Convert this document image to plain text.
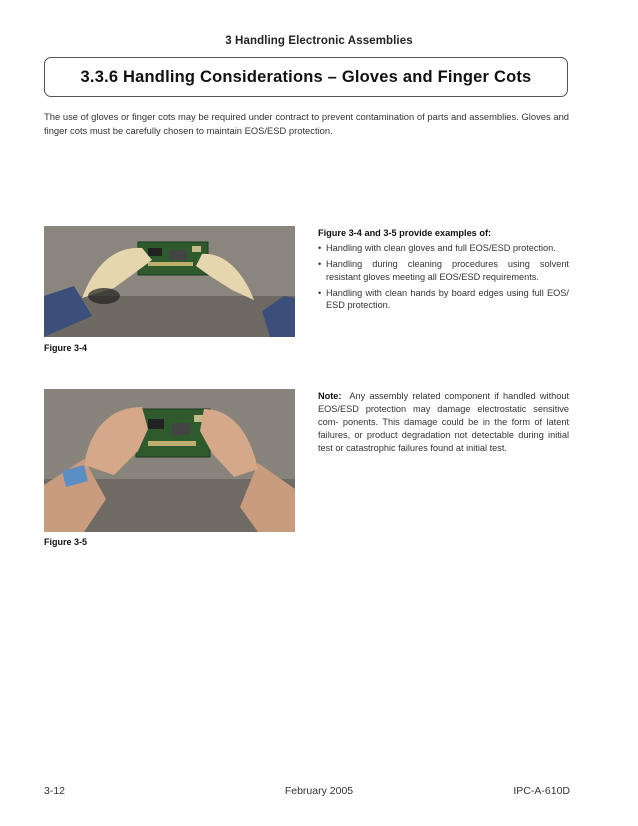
3 Handling Electronic Assemblies
3.3.6 Handling Considerations – Gloves and Finger Cots

The use of gloves or finger cots may be required under contract to prevent contamination of parts and assemblies. Gloves and finger cots must be carefully chosen to maintain EOS/ESD protection.

Figure 3-4
Figure 3-5
Figure 3-4 and 3-5 provide examples of:
• Handling with clean gloves and full EOS/ESD protection.
• Handling during cleaning procedures using solvent resistant gloves meeting all EOS/ESD requirements.
• Handling with clean hands by board edges using full EOS/ ESD protection.

Note: Any assembly related component if handled without EOS/ESD protection may damage electrostatic sensitive com- ponents. This damage could be in the form of latent failures, or product degradation not detectable during initial test or catastrophic failures found at initial test.

3-12	February 2005	IPC-A-610D
